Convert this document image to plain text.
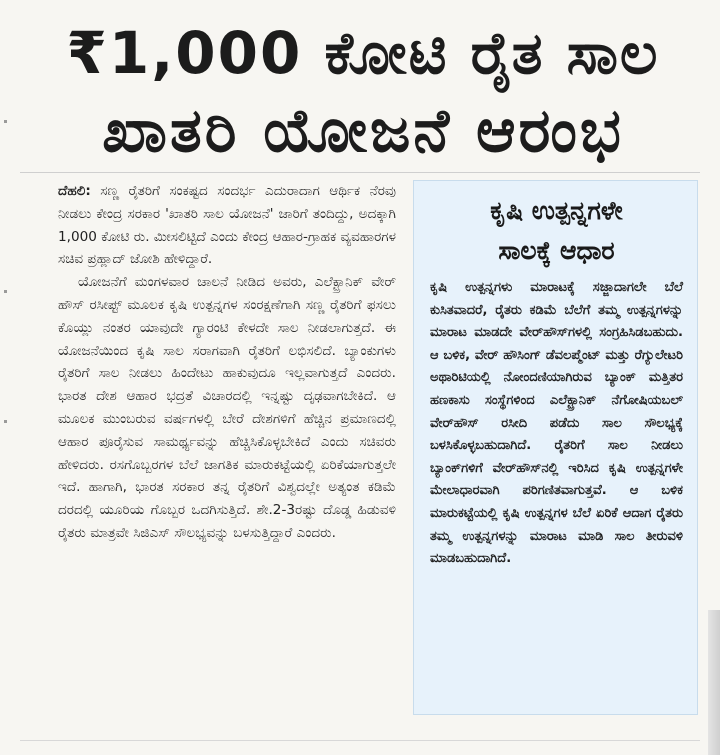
₹1,000 ಕೋಟಿ ರೈತ ಸಾಲ
ಖಾತರಿ ಯೋಜನೆ ಆರಂಭ

ದೆಹಲಿ: ಸಣ್ಣ ರೈತರಿಗೆ ಸಂಕಷ್ಟದ ಸಂದರ್ಭ ಎದುರಾದಾಗ ಆರ್ಥಿಕ ನೆರವು ನೀಡಲು ಕೇಂದ್ರ ಸರಕಾರ 'ಖಾತರಿ ಸಾಲ ಯೋಜನೆ' ಜಾರಿಗೆ ತಂದಿದ್ದು, ಅದಕ್ಕಾಗಿ 1,000 ಕೋಟಿ ರು. ಮೀಸಲಿಟ್ಟಿದೆ ಎಂದು ಕೇಂದ್ರ ಆಹಾರ-ಗ್ರಾಹಕ ವ್ಯವಹಾರಗಳ ಸಚಿವ ಪ್ರಹ್ಲಾದ್‌ ಜೋಶಿ ಹೇಳಿದ್ದಾರೆ.

ಯೋಜನೆಗೆ ಮಂಗಳವಾರ ಚಾಲನೆ ನೀಡಿದ ಅವರು, ಎಲೆಕ್ಟ್ರಾನಿಕ್‌ ವೇರ್‌ ಹೌಸ್‌ ರಸೀಪ್ಟ್‌ ಮೂಲಕ ಕೃಷಿ ಉತ್ಪನ್ನಗಳ ಸಂರಕ್ಷಣೆಗಾಗಿ ಸಣ್ಣ ರೈತರಿಗೆ ಫಸಲು ಕೊಯ್ಲು ನಂತರ ಯಾವುದೇ ಗ್ಯಾರಂಟಿ ಕೇಳದೇ ಸಾಲ ನೀಡಲಾಗುತ್ತದೆ. ಈ ಯೋಜನೆಯಿಂದ ಕೃಷಿ ಸಾಲ ಸರಾಗವಾಗಿ ರೈತರಿಗೆ ಲಭಿಸಲಿದೆ. ಬ್ಯಾಂಕುಗಳು ರೈತರಿಗೆ ಸಾಲ ನೀಡಲು ಹಿಂದೇಟು ಹಾಕುವುದೂ ಇಲ್ಲವಾಗುತ್ತದೆ ಎಂದರು. ಭಾರತ ದೇಶ ಆಹಾರ ಭದ್ರತೆ ವಿಚಾರದಲ್ಲಿ ಇನ್ನಷ್ಟು ದೃಢವಾಗಬೇಕಿದೆ. ಆ ಮೂಲಕ ಮುಂಬರುವ ವರ್ಷಗಳಲ್ಲಿ ಬೇರೆ ದೇಶಗಳಿಗೆ ಹೆಚ್ಚಿನ ಪ್ರಮಾಣದಲ್ಲಿ ಆಹಾರ ಪೂರೈಸುವ ಸಾಮರ್ಥ್ಯವನ್ನು ಹೆಚ್ಚಿಸಿಕೊಳ್ಳಬೇಕಿದೆ ಎಂದು ಸಚಿವರು ಹೇಳಿದರು. ರಸಗೊಬ್ಬರಗಳ ಬೆಲೆ ಜಾಗತಿಕ ಮಾರುಕಟ್ಟೆಯಲ್ಲಿ ಏರಿಕೆಯಾಗುತ್ತಲೇ ಇದೆ. ಹಾಗಾಗಿ, ಭಾರತ ಸರಕಾರ ತನ್ನ ರೈತರಿಗೆ ವಿಶ್ವದಲ್ಲೇ ಅತ್ಯಂತ ಕಡಿಮೆ ದರದಲ್ಲಿ ಯೂರಿಯ ಗೊಬ್ಬರ ಒದಗಿಸುತ್ತಿದೆ. ಶೇ.2-3ರಷ್ಟು ದೊಡ್ಡ ಹಿಡುವಳಿ ರೈತರು ಮಾತ್ರವೇ ಸಿಜಿಎಸ್‌ ಸೌಲಭ್ಯವನ್ನು ಬಳಸುತ್ತಿದ್ದಾರೆ ಎಂದರು.

ಕೃಷಿ ಉತ್ಪನ್ನಗಳೇ
ಸಾಲಕ್ಕೆ ಆಧಾರ

ಕೃಷಿ ಉತ್ಪನ್ನಗಳು ಮಾರಾಟಕ್ಕೆ ಸಜ್ಜಾದಾಗಲೇ ಬೆಲೆ ಕುಸಿತವಾದರೆ, ರೈತರು ಕಡಿಮೆ ಬೆಲೆಗೆ ತಮ್ಮ ಉತ್ಪನ್ನಗಳನ್ನು ಮಾರಾಟ ಮಾಡದೇ ವೇರ್‌ಹೌಸ್‌ಗಳಲ್ಲಿ ಸಂಗ್ರಹಿಸಿಡಬಹುದು. ಆ ಬಳಿಕ, ವೇರ್‌ ಹೌಸಿಂಗ್‌ ಡೆವಲಪ್ಮೆಂಟ್‌ ಮತ್ತು ರೆಗ್ಯುಲೇಟರಿ ಅಥಾರಿಟಿಯಲ್ಲಿ ನೋಂದಣಿಯಾಗಿರುವ ಬ್ಯಾಂಕ್‌ ಮತ್ತಿತರ ಹಣಕಾಸು ಸಂಸ್ಥೆಗಳಿಂದ ಎಲೆಕ್ಟ್ರಾನಿಕ್‌ ನೆಗೋಷಿಯಬಲ್‌ ವೇರ್‌ಹೌಸ್‌ ರಸೀದಿ ಪಡೆದು ಸಾಲ ಸೌಲಭ್ಯಕ್ಕೆ ಬಳಸಿಕೊಳ್ಳಬಹುದಾಗಿದೆ. ರೈತರಿಗೆ ಸಾಲ ನೀಡಲು ಬ್ಯಾಂಕ್‌ಗಳಿಗೆ ವೇರ್‌ಹೌಸ್‌ನಲ್ಲಿ ಇರಿಸಿದ ಕೃಷಿ ಉತ್ಪನ್ನಗಳೇ ಮೇಲಾಧಾರವಾಗಿ ಪರಿಗಣಿತವಾಗುತ್ತವೆ. ಆ ಬಳಿಕ ಮಾರುಕಟ್ಟೆಯಲ್ಲಿ ಕೃಷಿ ಉತ್ಪನ್ನಗಳ ಬೆಲೆ ಏರಿಕೆ ಆದಾಗ ರೈತರು ತಮ್ಮ ಉತ್ಪನ್ನಗಳನ್ನು ಮಾರಾಟ ಮಾಡಿ ಸಾಲ ತೀರುವಳಿ ಮಾಡಬಹುದಾಗಿದೆ.
